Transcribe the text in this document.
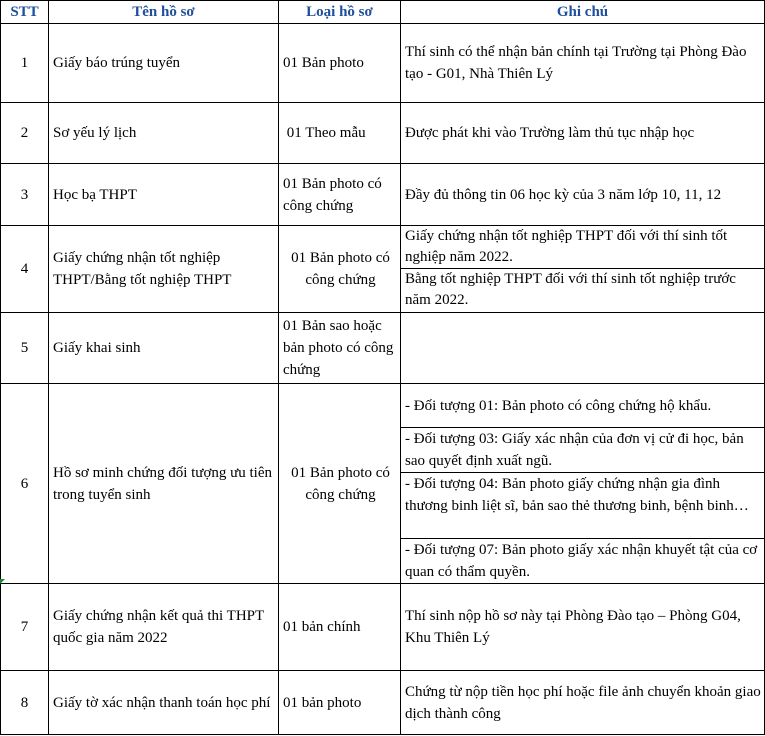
STT	Tên hồ sơ	Loại hồ sơ	Ghi chú
1	Giấy báo trúng tuyển	01 Bản photo	Thí sinh có thể nhận bản chính tại Trường tại Phòng Đào tạo - G01, Nhà Thiên Lý
2	Sơ yếu lý lịch	01 Theo mẫu	Được phát khi vào Trường làm thủ tục nhập học
3	Học bạ THPT	01 Bản photo có công chứng	Đầy đủ thông tin 06 học kỳ của 3 năm lớp 10, 11, 12
4	Giấy chứng nhận tốt nghiệp THPT/Bằng tốt nghiệp THPT	01 Bản photo có công chứng	Giấy chứng nhận tốt nghiệp THPT đối với thí sinh tốt nghiệp năm 2022.
Bằng tốt nghiệp THPT đối với thí sinh tốt nghiệp trước năm 2022.

5	Giấy khai sinh	01 Bản sao hoặc bản photo có công chứng	
6	Hồ sơ minh chứng đối tượng ưu tiên trong tuyển sinh	01 Bản photo có công chứng	- Đối tượng 01: Bản photo có công chứng hộ khẩu.
- Đối tượng 03: Giấy xác nhận của đơn vị cử đi học, bản sao quyết định xuất ngũ.
- Đối tượng 04: Bản photo giấy chứng nhận gia đình thương binh liệt sĩ, bản sao thẻ thương binh, bệnh binh…
- Đối tượng 07: Bản photo giấy xác nhận khuyết tật của cơ quan có thẩm quyền.

7	Giấy chứng nhận kết quả thi THPT quốc gia năm 2022	01 bản chính	Thí sinh nộp hồ sơ này tại Phòng Đào tạo – Phòng G04, Khu Thiên Lý
8	Giấy tờ xác nhận thanh toán học phí	01 bản photo	Chứng từ nộp tiền học phí hoặc file ảnh chuyển khoản giao dịch thành công
